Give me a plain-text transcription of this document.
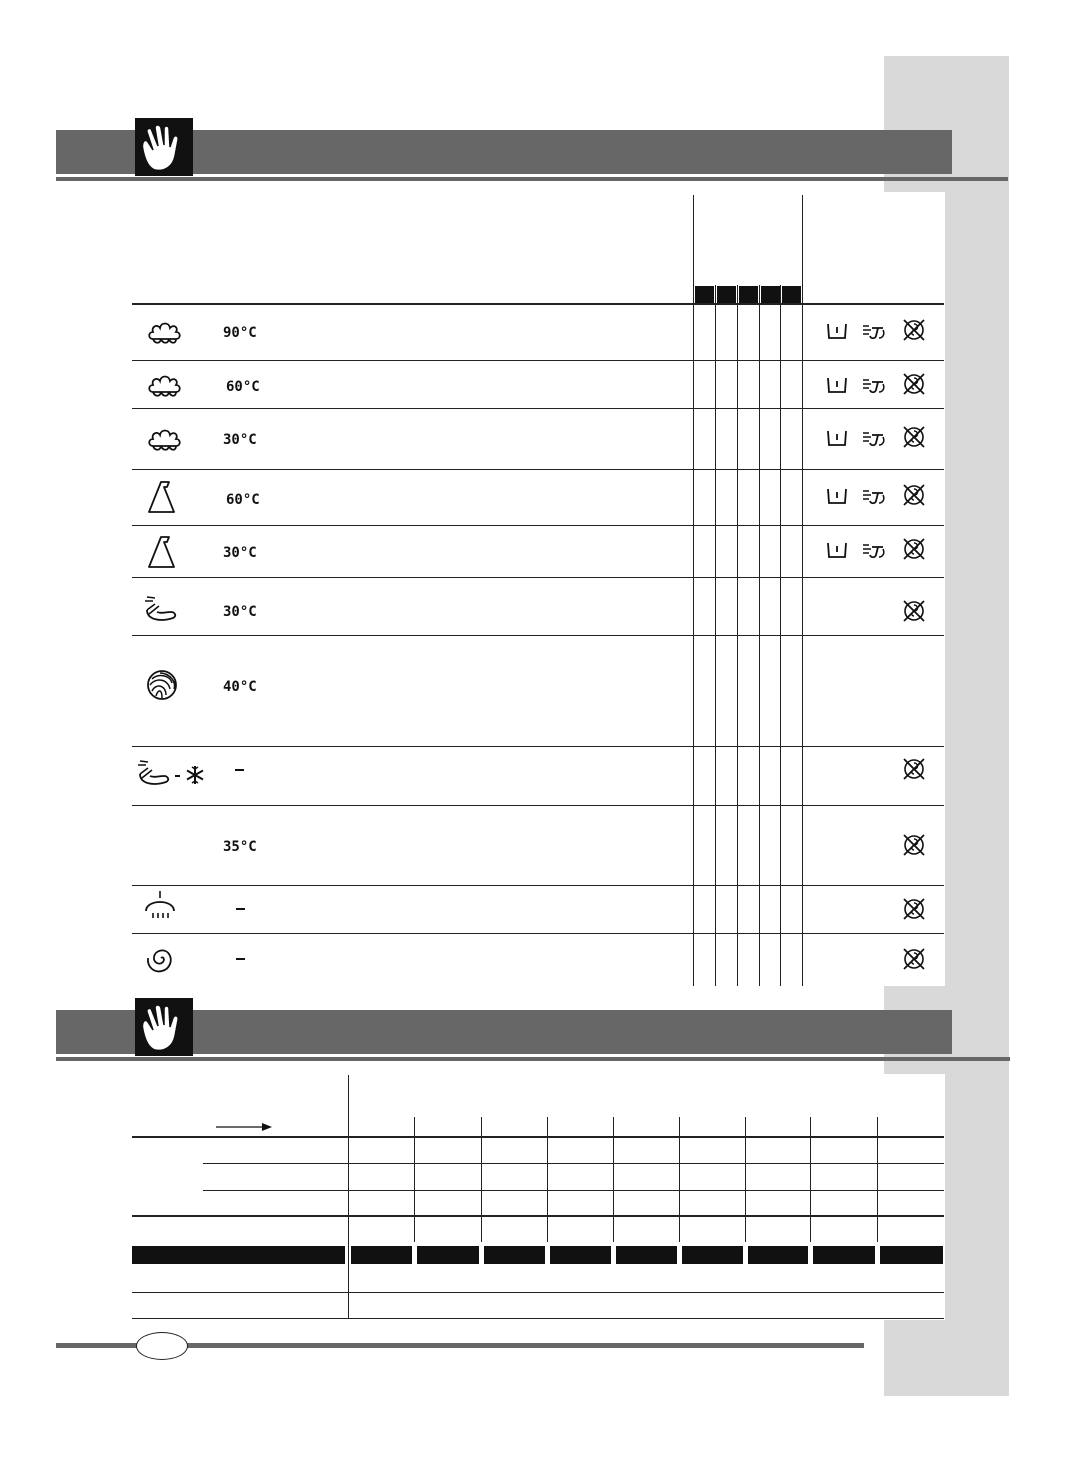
90°C
60°C
30°C
60°C
30°C
30°C
40°C
35°C
